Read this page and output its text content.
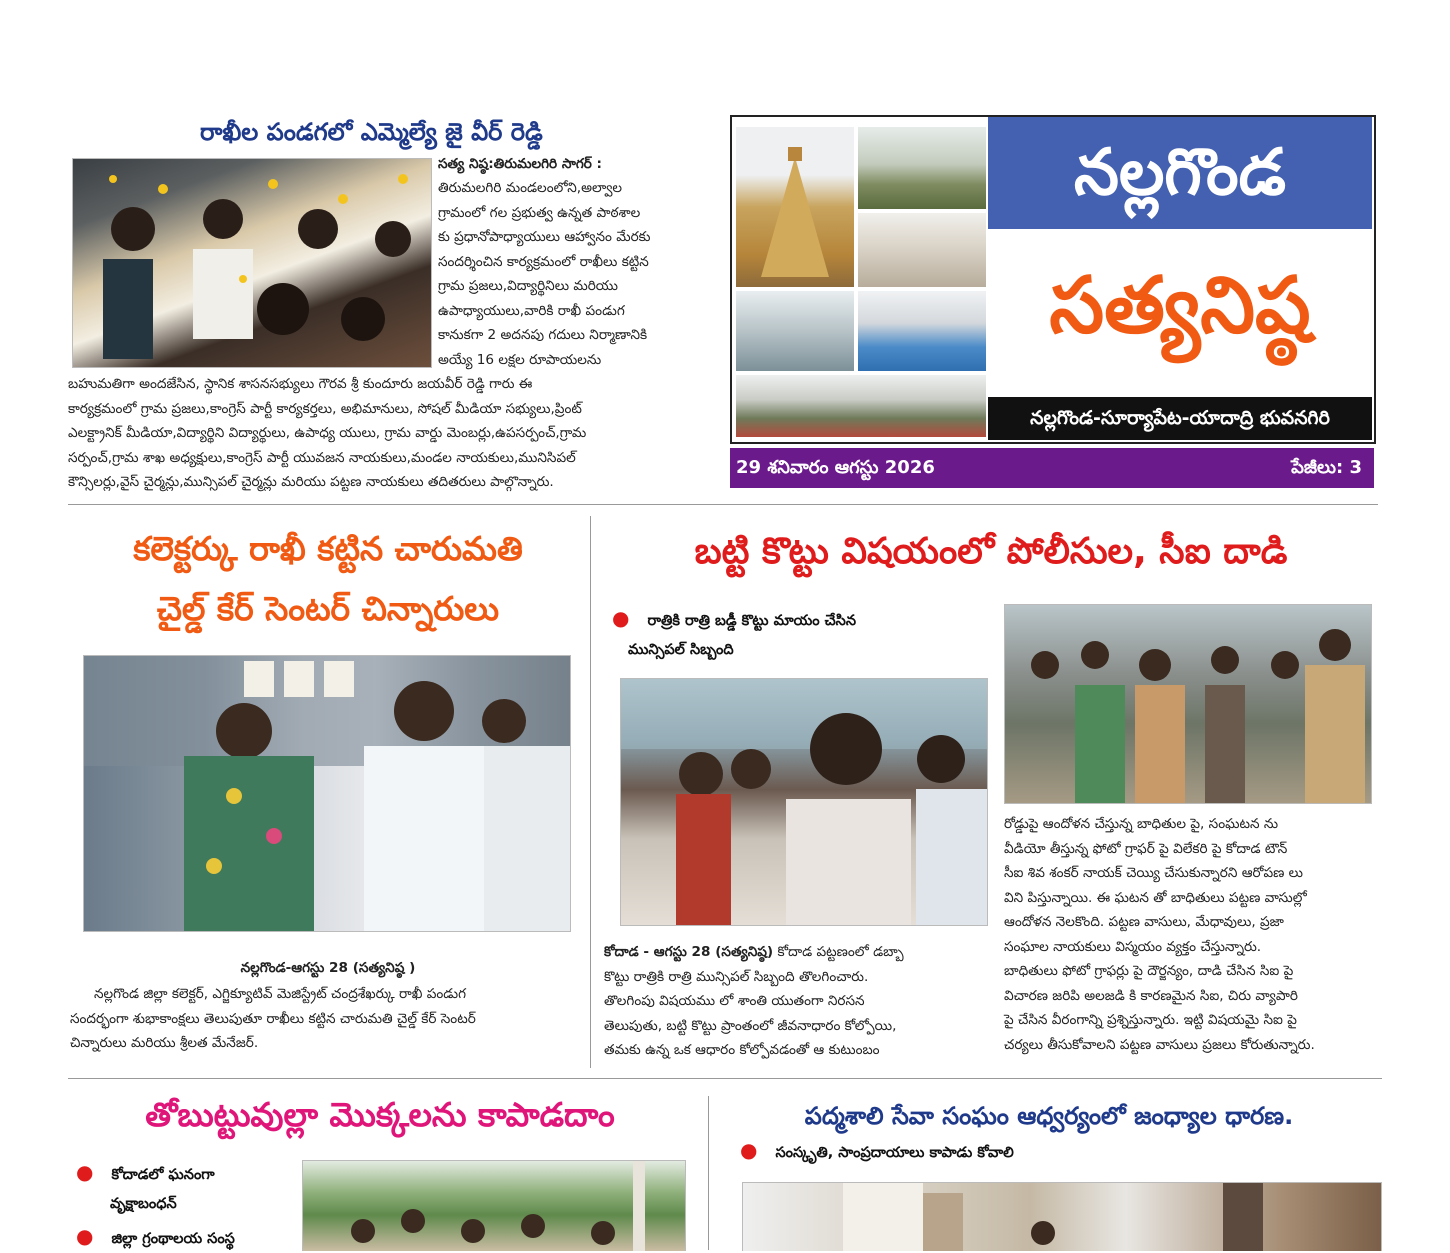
రాఖీల పండగలో ఎమ్మెల్యే జై వీర్ రెడ్డి
సత్య నిష్ఠ:తిరుమలగిరి సాగర్ :
తిరుమలగిరి మండలంలోని,అల్వాల
గ్రామంలో గల ప్రభుత్వ ఉన్నత పాఠశాల
కు ప్రధానోపాధ్యాయులు ఆహ్వానం మేరకు
సందర్శించిన కార్యక్రమంలో రాఖీలు కట్టిన
గ్రామ ప్రజలు,విద్యార్థినిలు మరియు
ఉపాధ్యాయులు,వారికి రాఖీ పండుగ
కానుకగా 2 అదనపు గదులు నిర్మాణానికి
అయ్యే 16 లక్షల రూపాయలను
బహుమతిగా అందజేసిన, స్థానిక శాసనసభ్యులు గౌరవ శ్రీ కుందూరు జయవీర్ రెడ్డి గారు ఈ
కార్యక్రమంలో గ్రామ ప్రజలు,కాంగ్రెస్ పార్టీ కార్యకర్తలు, అభిమానులు, సోషల్ మీడియా సభ్యులు,ప్రింట్
ఎలక్ట్రానిక్ మీడియా,విద్యార్థిని విద్యార్థులు, ఉపాధ్య యులు, గ్రామ వార్డు మెంబర్లు,ఉపసర్పంచ్,గ్రామ
సర్పంచ్,గ్రామ శాఖ అధ్యక్షులు,కాంగ్రెస్ పార్టీ యువజన నాయకులు,మండల నాయకులు,మునిసిపల్
కౌన్సిలర్లు,వైస్ చైర్మన్లు,మున్సిపల్ చైర్మన్లు మరియు పట్టణ నాయకులు తదితరులు పాల్గొన్నారు.
నల్లగొండ
సత్యనిష్ఠ
నల్లగొండ-సూర్యాపేట-యాదాద్రి భువనగిరి
29 శనివారం ఆగస్టు 2026	పేజీలు: 3
కలెక్టర్కు రాఖీ కట్టిన చారుమతి
చైల్డ్ కేర్ సెంటర్ చిన్నారులు
నల్లగొండ-ఆగస్టు 28 (సత్యనిష్ఠ )
నల్లగొండ జిల్లా కలెక్టర్, ఎగ్జిక్యూటివ్ మెజిస్ట్రేట్ చంద్రశేఖర్కు రాఖీ పండుగ
సందర్భంగా శుభాకాంక్షలు తెలుపుతూ రాఖీలు కట్టిన చారుమతి చైల్డ్ కేర్ సెంటర్
చిన్నారులు మరియు శ్రీలత మేనేజర్.
బట్టి కొట్టు విషయంలో పోలీసుల, సీఐ దాడి
● రాత్రికి రాత్రి బడ్డీ కొట్టు మాయం చేసిన
మున్సిపల్ సిబ్బంది
కోదాడ - ఆగస్టు 28 (సత్యనిష్ఠ) కోదాడ పట్టణంలో డబ్బా
కొట్టు రాత్రికి రాత్రి మున్సిపల్ సిబ్బంది తొలగించారు.
తొలగింపు విషయము లో శాంతి యుతంగా నిరసన
తెలుపుతు, బట్టి కొట్టు ప్రాంతంలో జీవనాధారం కోల్పోయి,
తమకు ఉన్న ఒక ఆధారం కోల్పోవడంతో ఆ కుటుంబం
రోడ్డుపై ఆందోళన చేస్తున్న బాధితుల పై, సంఘటన ను
వీడియో తీస్తున్న ఫోటో గ్రాఫర్ పై విలేకరి పై కోదాడ టౌన్
సీఐ శివ శంకర్ నాయక్ చెయ్యి చేసుకున్నారని ఆరోపణ లు
విని పిస్తున్నాయి. ఈ ఘటన తో బాధితులు పట్టణ వాసుల్లో
ఆందోళన నెలకొంది. పట్టణ వాసులు, మేధావులు, ప్రజా
సంఘాల నాయకులు విస్మయం వ్యక్తం చేస్తున్నారు.
బాధితులు ఫోటో గ్రాఫర్లు పై దౌర్జన్యం, దాడి చేసిన సిఐ పై
విచారణ జరిపి అలజడి కి కారణమైన సిఐ, చిరు వ్యాపారి
పై చేసిన వీరంగాన్ని ప్రశ్నిస్తున్నారు. ఇట్టి విషయమై సిఐ పై
చర్యలు తీసుకోవాలని పట్టణ వాసులు ప్రజలు కోరుతున్నారు.
తోబుట్టువుల్లా మొక్కలను కాపాడదాం
● కోదాడలో ఘనంగా
వృక్షాబంధన్
● జిల్లా గ్రంథాలయ సంస్థ
పద్మశాలి సేవా సంఘం ఆధ్వర్యంలో జంధ్యాల ధారణ.
● సంస్కృతి, సాంప్రదాయాలు కాపాడు కోవాలి
